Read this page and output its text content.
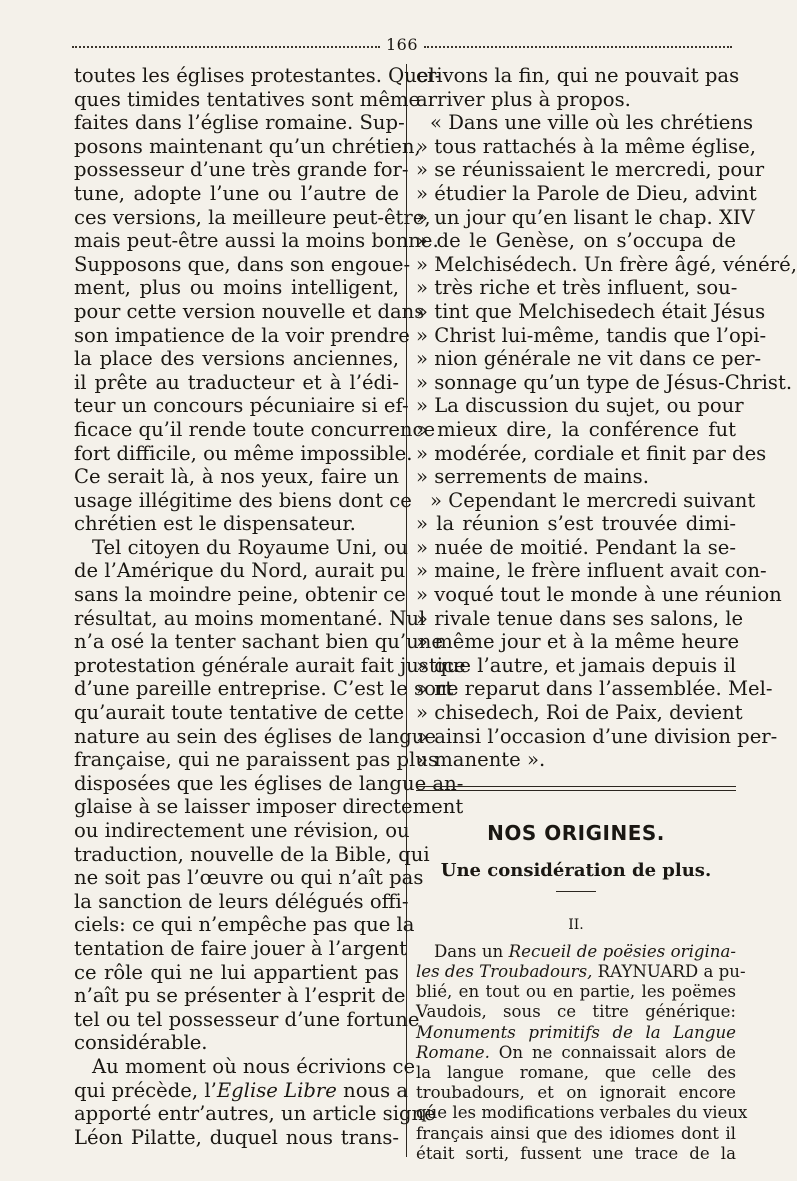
166
toutes les églises protestantes. Quel-
ques timides tentatives sont même
faites dans l’église romaine. Sup-
posons maintenant qu’un chrétien,
possesseur d’une très grande for-
tune, adopte l’une ou l’autre de
ces versions, la meilleure peut-être,
mais peut-être aussi la moins bonne.
Supposons que, dans son engoue-
ment, plus ou moins intelligent,
pour cette version nouvelle et dans
son impatience de la voir prendre
la place des versions anciennes,
il prête au traducteur et à l’édi-
teur un concours pécuniaire si ef-
ficace qu’il rende toute concurrence
fort difficile, ou même impossible.
Ce serait là, à nos yeux, faire un
usage illégitime des biens dont ce
chrétien est le dispensateur.
Tel citoyen du Royaume Uni, ou
de l’Amérique du Nord, aurait pu
sans la moindre peine, obtenir ce
résultat, au moins momentané. Nul
n’a osé la tenter sachant bien qu’une
protestation générale aurait fait justice
d’une pareille entreprise. C’est le sort
qu’aurait toute tentative de cette
nature au sein des églises de langue
française, qui ne paraissent pas plus
disposées que les églises de langue an-
glaise à se laisser imposer directement
ou indirectement une révision, ou
traduction, nouvelle de la Bible, qui
ne soit pas l’œuvre ou qui n’aît pas
la sanction de leurs délégués offi-
ciels: ce qui n’empêche pas que la
tentation de faire jouer à l’argent
ce rôle qui ne lui appartient pas
n’aît pu se présenter à l’esprit de
tel ou tel possesseur d’une fortune
considérable.
Au moment où nous écrivions ce
qui précède, l’Eglise Libre nous a
apporté entr’autres, un article signé
Léon Pilatte, duquel nous trans-
crivons la fin, qui ne pouvait pas
arriver plus à propos.
« Dans une ville où les chrétiens
» tous rattachés à la même église,
» se réunissaient le mercredi, pour
» étudier la Parole de Dieu, advint
» un jour qu’en lisant le chap. XIV
» de le Genèse, on s’occupa de
» Melchisédech. Un frère âgé, vénéré,
» très riche et très influent, sou-
» tint que Melchisedech était Jésus
» Christ lui-même, tandis que l’opi-
» nion générale ne vit dans ce per-
» sonnage qu’un type de Jésus-Christ.
» La discussion du sujet, ou pour
» mieux dire, la conférence fut
» modérée, cordiale et finit par des
» serrements de mains.
» Cependant le mercredi suivant
» la réunion s’est trouvée dimi-
» nuée de moitié. Pendant la se-
» maine, le frère influent avait con-
» voqué tout le monde à une réunion
» rivale tenue dans ses salons, le
» même jour et à la même heure
» que l’autre, et jamais depuis il
» ne reparut dans l’assemblée. Mel-
» chisedech, Roi de Paix, devient
» ainsi l’occasion d’une division per-
» manente ».
NOS ORIGINES.
Une considération de plus.
II.
Dans un Recueil de poësies origina-
les des Troubadours, RAYNUARD a pu-
blié, en tout ou en partie, les poëmes
Vaudois, sous ce titre générique:
Monuments primitifs de la Langue
Romane. On ne connaissait alors de
la langue romane, que celle des
troubadours, et on ignorait encore
que les modifications verbales du vieux
français ainsi que des idiomes dont il
était sorti, fussent une trace de la
